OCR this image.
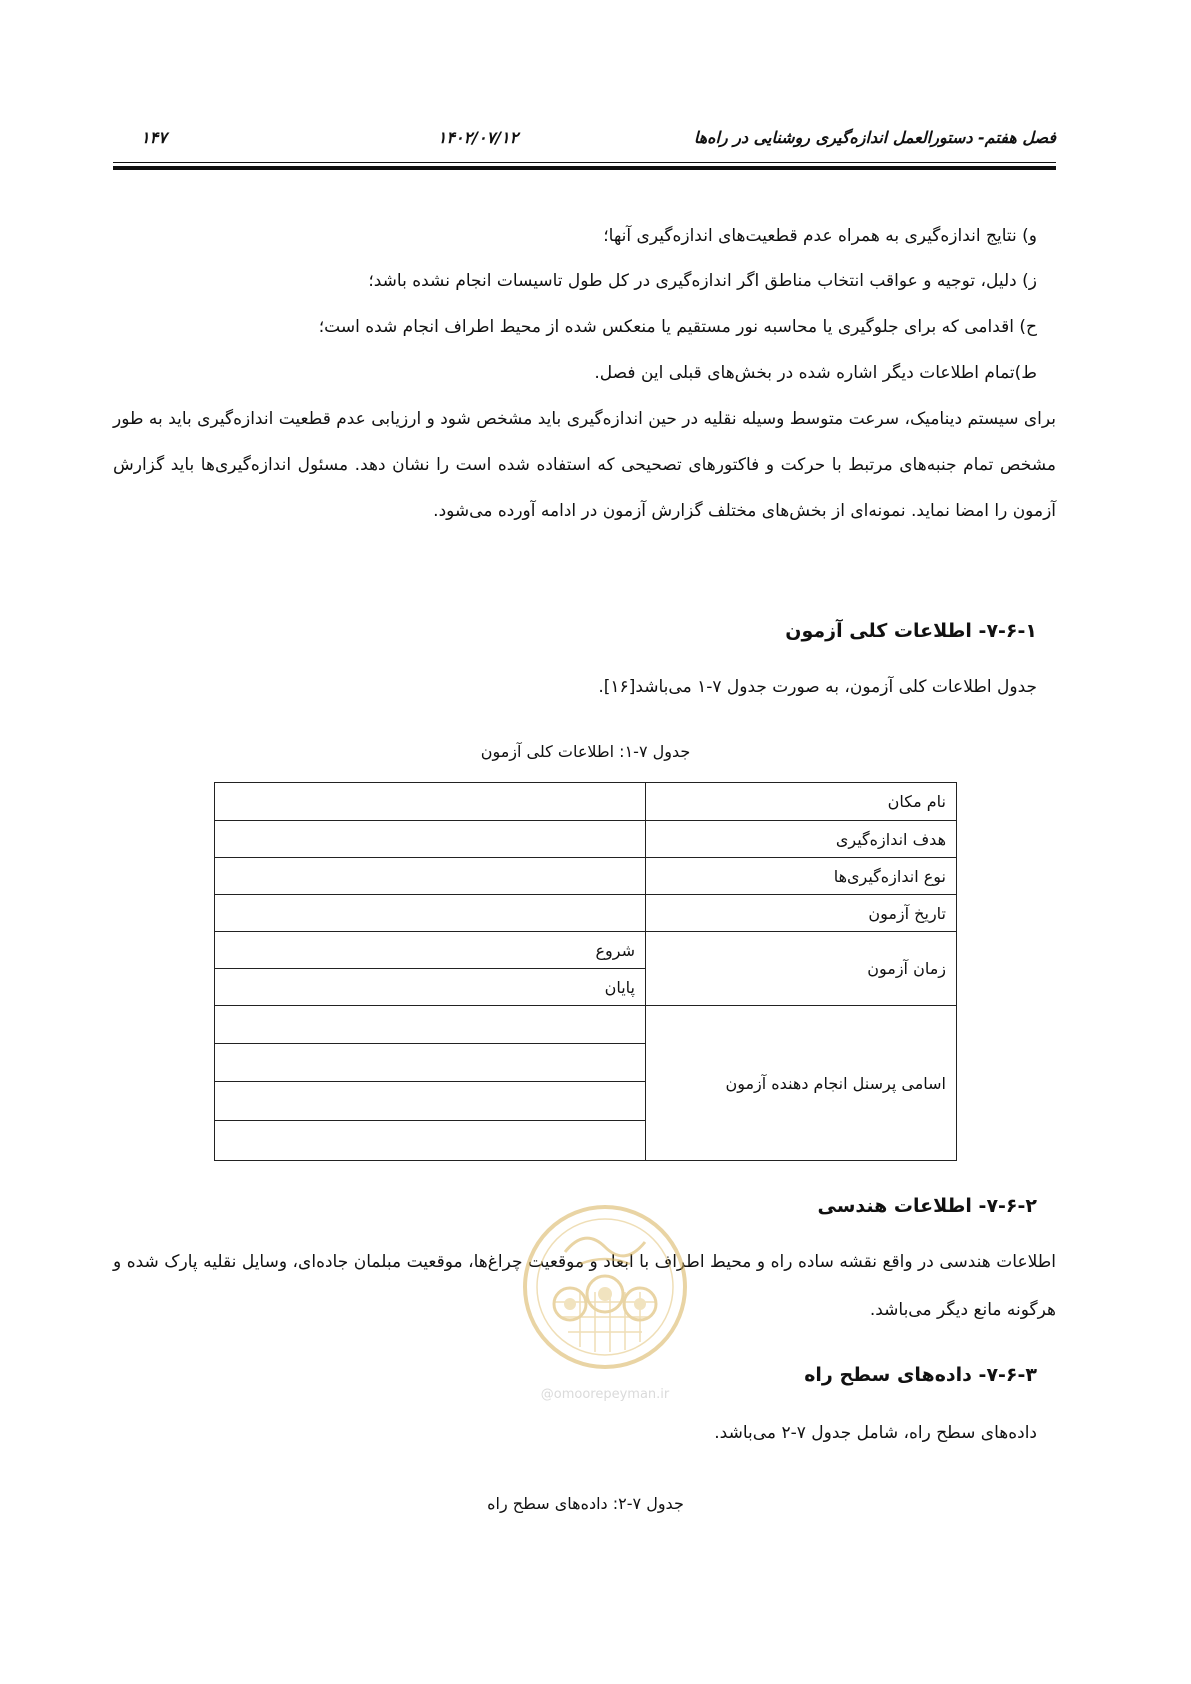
فصل هفتم- دستورالعمل اندازه‌گیری روشنایی در راه‌ها
۱۴۰۲/۰۷/۱۲
۱۴۷
و) نتایج اندازه‌گیری به همراه عدم قطعیت‌های اندازه‌گیری آنها؛
ز) دلیل، توجیه و عواقب انتخاب مناطق اگر اندازه‌گیری در کل طول تاسیسات انجام نشده باشد؛
ح) اقدامی که برای جلوگیری یا محاسبه نور مستقیم یا منعکس شده از محیط اطراف انجام شده است؛
ط)تمام اطلاعات دیگر اشاره شده در بخش‌های قبلی این فصل.
برای سیستم دینامیک، سرعت متوسط وسیله نقلیه در حین اندازه‌گیری باید مشخص شود و ارزیابی عدم قطعیت اندازه‌گیری باید به طور مشخص تمام جنبه‌های مرتبط با حرکت و فاکتورهای تصحیحی که استفاده شده است را نشان دهد. مسئول اندازه‌گیری‌ها باید گزارش آزمون را امضا نماید. نمونه‌ای از بخش‌های مختلف گزارش آزمون در ادامه آورده می‌شود.
۷-۶-۱- اطلاعات کلی آزمون
جدول اطلاعات کلی آزمون، به صورت جدول ۷-۱ می‌باشد[۱۶].
جدول ۷-۱: اطلاعات کلی آزمون
نام مکان	
هدف اندازه‌گیری	
نوع اندازه‌گیری‌ها	
تاریخ آزمون	
زمان آزمون	شروع
	پایان
اسامی پرسنل انجام دهنده آزمون	

۷-۶-۲- اطلاعات هندسی
اطلاعات هندسی در واقع نقشه ساده راه و محیط اطراف با ابعاد و موقعیت چراغ‌ها، موقعیت مبلمان جاده‌ای، وسایل نقلیه پارک شده و هرگونه مانع دیگر می‌باشد.
۷-۶-۳- داده‌های سطح راه
داده‌های سطح راه، شامل جدول ۷-۲ می‌باشد.
جدول ۷-۲: داده‌های سطح راه
@omoorepeyman.ir
